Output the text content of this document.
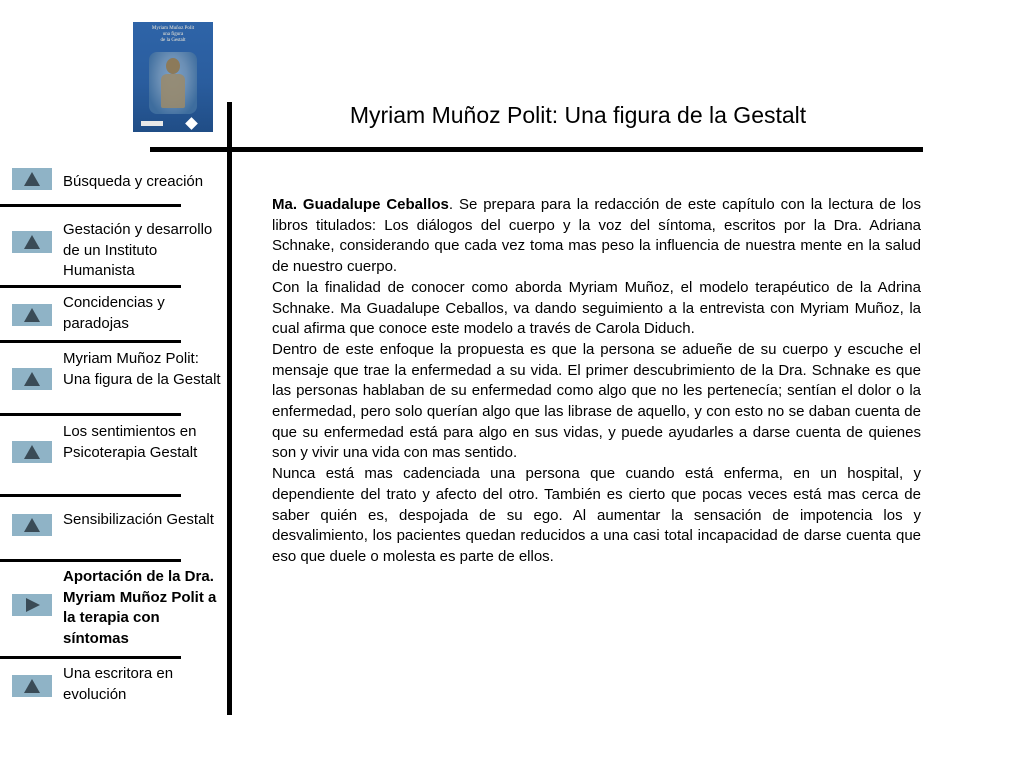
Myriam Muñoz Polit
una figura
de la Gestalt
Myriam Muñoz Polit: Una figura de la Gestalt
Búsqueda y creación
Gestación y desarrollo de un Instituto Humanista
Concidencias y paradojas
Myriam Muñoz Polit: Una figura de la Gestalt
Los sentimientos en Psicoterapia Gestalt
Sensibilización Gestalt
Aportación de la Dra. Myriam Muñoz Polit a la terapia con síntomas
Una escritora en evolución

Ma. Guadalupe Ceballos. Se prepara para la redacción de este capítulo con la lectura de los libros titulados: Los diálogos del cuerpo y la voz del síntoma, escritos por la Dra. Adriana Schnake, considerando que cada vez toma mas peso la influencia de nuestra mente en la salud de nuestro cuerpo.

Con la finalidad de conocer como aborda Myriam Muñoz, el modelo terapéutico de la Adrina Schnake. Ma Guadalupe Ceballos, va dando seguimiento a la entrevista con Myriam Muñoz, la cual afirma que conoce este modelo a través de Carola Diduch.

Dentro de este enfoque la propuesta es que la persona se adueñe de su cuerpo y escuche el mensaje que trae la enfermedad a su vida. El primer descubrimiento de la Dra. Schnake es que las personas hablaban de su enfermedad como algo que no les pertenecía; sentían el dolor o la enfermedad, pero solo querían algo que las librase de aquello, y con esto no se daban cuenta de que su enfermedad está para algo en sus vidas, y puede ayudarles a darse cuenta de quienes son y vivir una vida con mas sentido.

Nunca está mas cadenciada una persona que cuando está enferma, en un hospital, y dependiente del trato y afecto del otro. También es cierto que pocas veces está mas cerca de saber quién es, despojada de su ego. Al aumentar la sensación de impotencia los y desvalimiento, los pacientes quedan reducidos a una casi total incapacidad de darse cuenta que eso que duele o molesta es parte de ellos.
